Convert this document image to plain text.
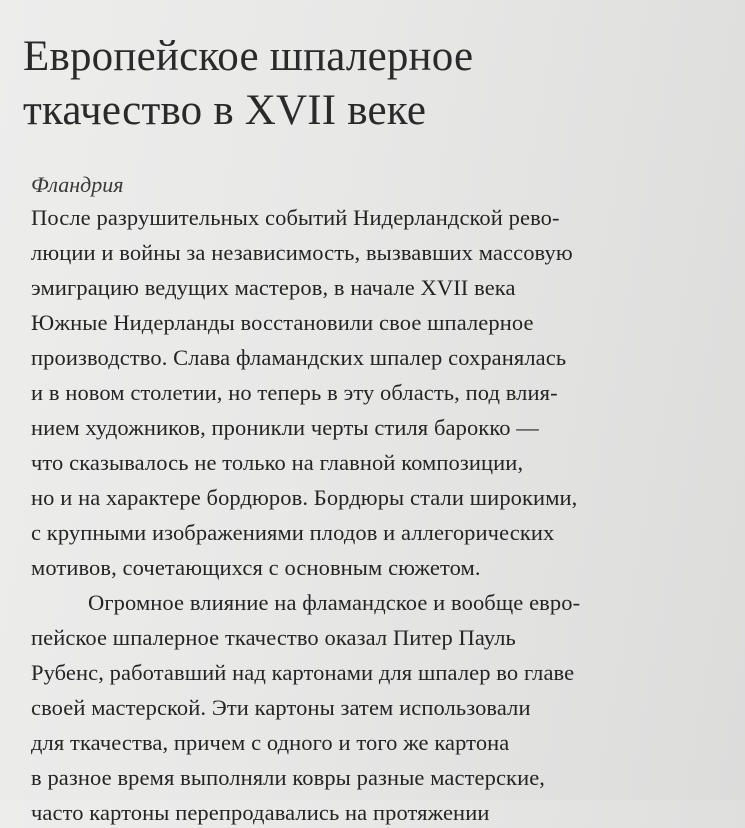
Европейское шпалерное
ткачество в XVII веке
Фландрия
После разрушительных событий Нидерландской рево-
люции и войны за независимость, вызвавших массовую
эмиграцию ведущих мастеров, в начале XVII века
Южные Нидерланды восстановили свое шпалерное
производство. Слава фламандских шпалер сохранялась
и в новом столетии, но теперь в эту область, под влия-
нием художников, проникли черты стиля барокко —
что сказывалось не только на главной композиции,
но и на характере бордюров. Бордюры стали широкими,
с крупными изображениями плодов и аллегорических
мотивов, сочетающихся с основным сюжетом.
Огромное влияние на фламандское и вообще евро-
пейское шпалерное ткачество оказал Питер Пауль
Рубенс, работавший над картонами для шпалер во главе
своей мастерской. Эти картоны затем использовали
для ткачества, причем с одного и того же картона
в разное время выполняли ковры разные мастерские,
часто картоны перепродавались на протяжении
